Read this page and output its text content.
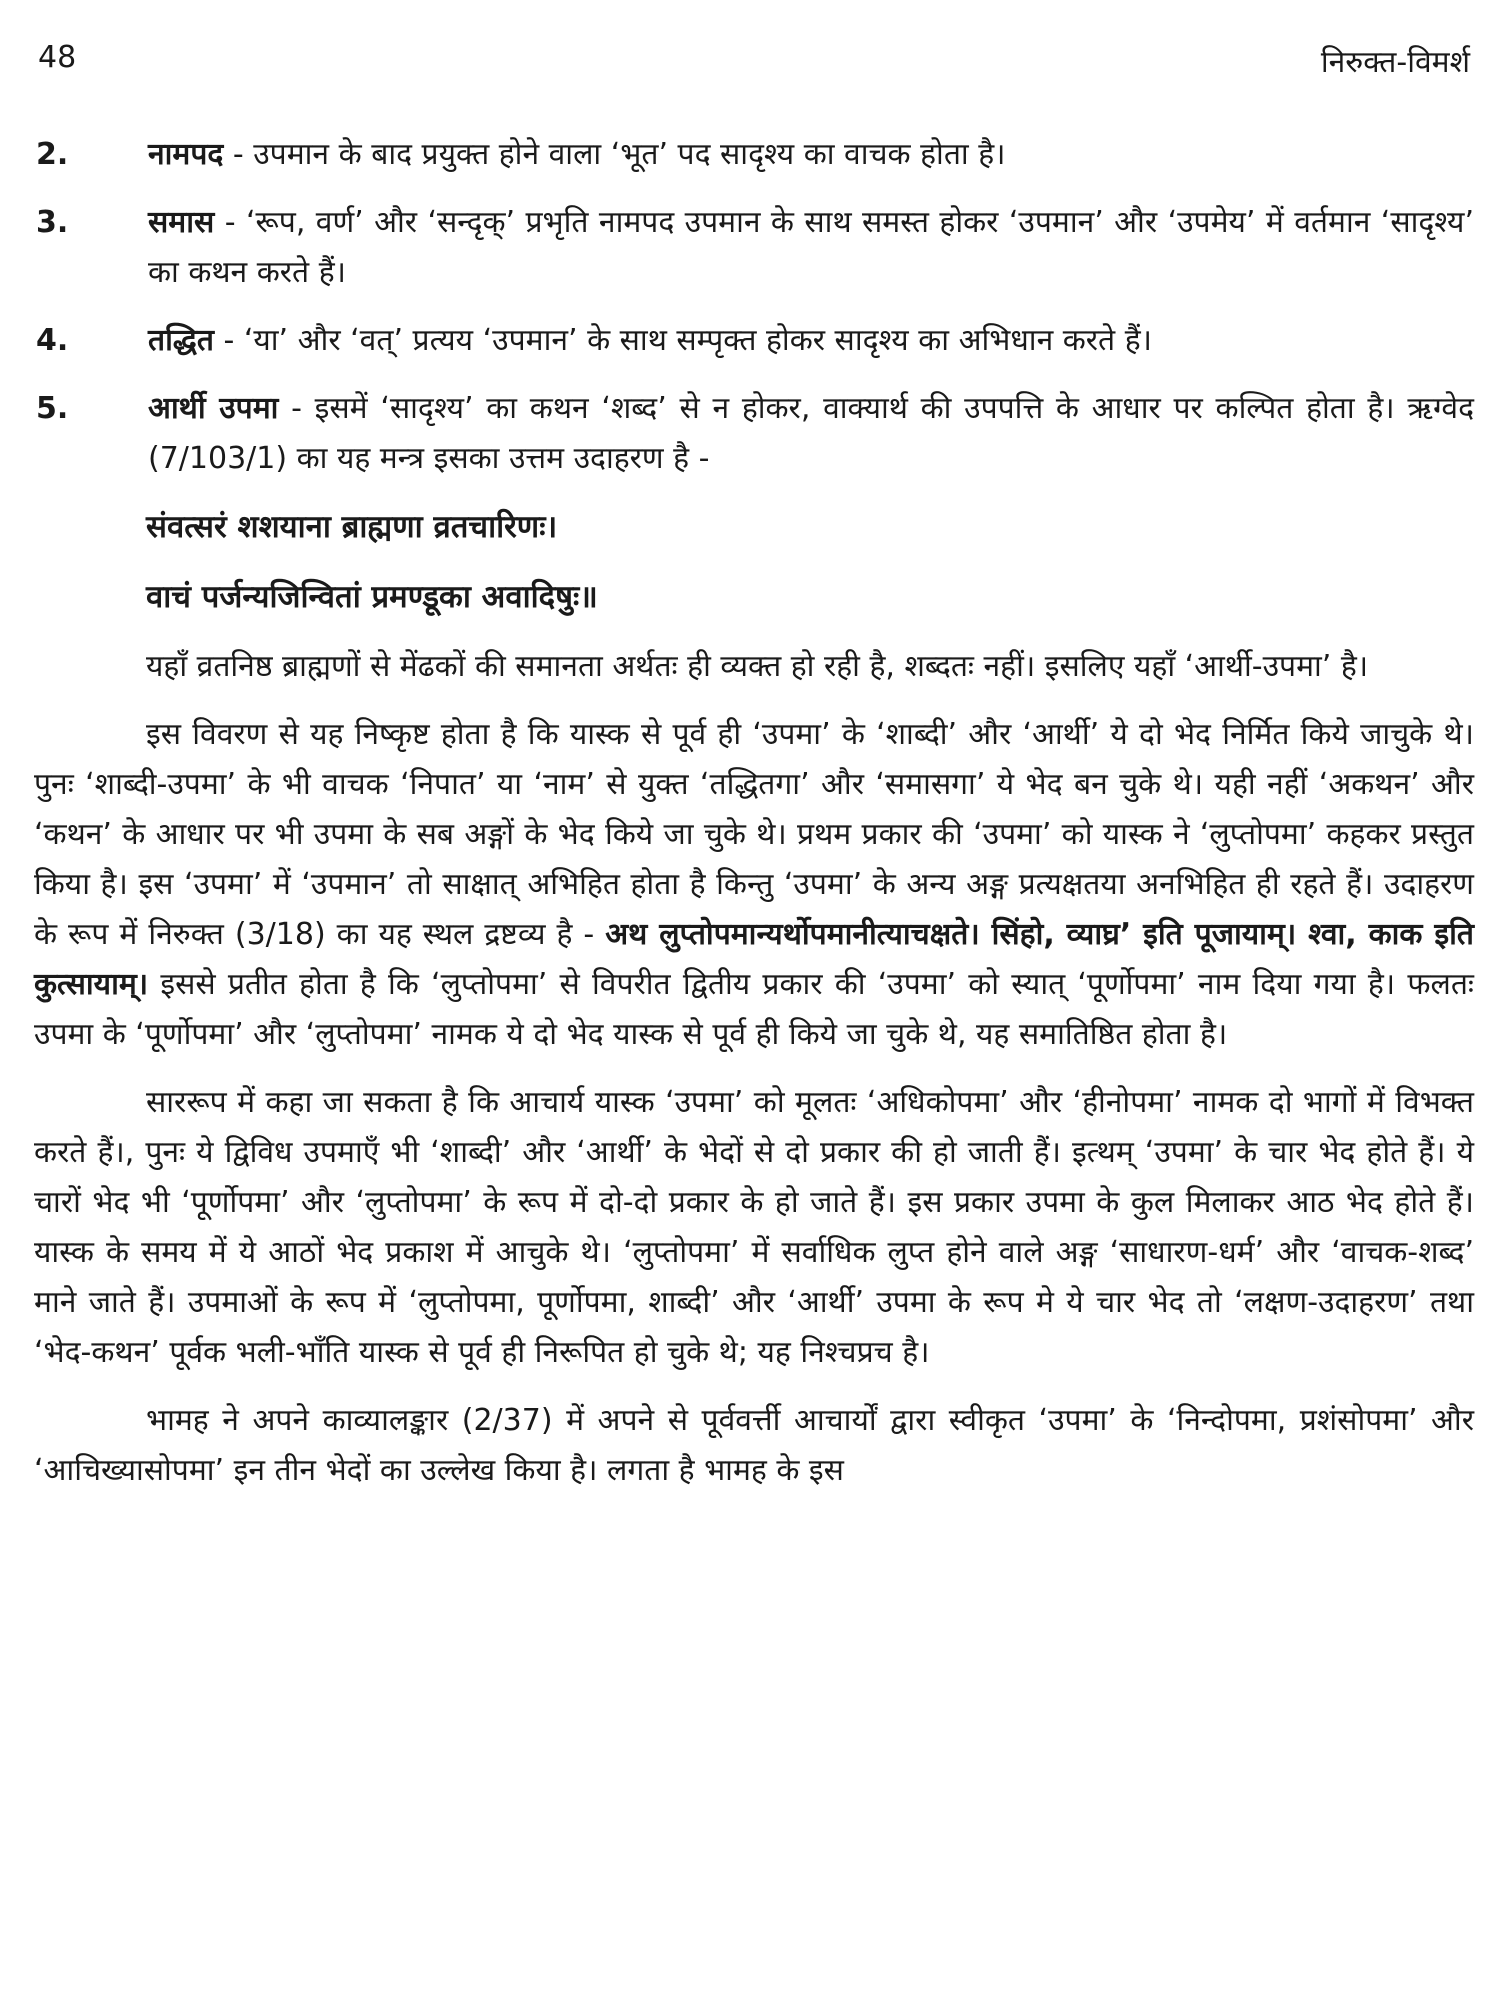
48	निरुक्त-विमर्श
2.	नामपद - उपमान के बाद प्रयुक्त होने वाला ‘भूत’ पद सादृश्य का वाचक होता है।
3.	समास - ‘रूप, वर्ण’ और ‘सन्दृक्’ प्रभृति नामपद उपमान के साथ समस्त होकर ‘उपमान’ और ‘उपमेय’ में वर्तमान ‘सादृश्य’ का कथन करते हैं।
4.	तद्धित - ‘या’ और ‘वत्’ प्रत्यय ‘उपमान’ के साथ सम्पृक्त होकर सादृश्य का अभिधान करते हैं।
5.	आर्थी उपमा - इसमें ‘सादृश्य’ का कथन ‘शब्द’ से न होकर, वाक्यार्थ की उपपत्ति के आधार पर कल्पित होता है। ऋग्वेद (7/103/1) का यह मन्त्र इसका उत्तम उदाहरण है -
संवत्सरं शशयाना ब्राह्मणा व्रतचारिणः।
वाचं पर्जन्यजिन्वितां प्रमण्डूका अवादिषुः॥

यहाँ व्रतनिष्ठ ब्राह्मणों से मेंढकों की समानता अर्थतः ही व्यक्त हो रही है, शब्दतः नहीं। इसलिए यहाँ ‘आर्थी-उपमा’ है।

इस विवरण से यह निष्कृष्ट होता है कि यास्क से पूर्व ही ‘उपमा’ के ‘शाब्दी’ और ‘आर्थी’ ये दो भेद निर्मित किये जाचुके थे। पुनः ‘शाब्दी-उपमा’ के भी वाचक ‘निपात’ या ‘नाम’ से युक्त ‘तद्धितगा’ और ‘समासगा’ ये भेद बन चुके थे। यही नहीं ‘अकथन’ और ‘कथन’ के आधार पर भी उपमा के सब अङ्गों के भेद किये जा चुके थे। प्रथम प्रकार की ‘उपमा’ को यास्क ने ‘लुप्तोपमा’ कहकर प्रस्तुत किया है। इस ‘उपमा’ में ‘उपमान’ तो साक्षात् अभिहित होता है किन्तु ‘उपमा’ के अन्य अङ्ग प्रत्यक्षतया अनभिहित ही रहते हैं। उदाहरण के रूप में निरुक्त (3/18) का यह स्थल द्रष्टव्य है - अथ लुप्तोपमान्यर्थोपमानीत्याचक्षते। सिंहो, व्याघ्र’ इति पूजायाम्। श्वा, काक इति कुत्सायाम्। इससे प्रतीत होता है कि ‘लुप्तोपमा’ से विपरीत द्वितीय प्रकार की ‘उपमा’ को स्यात् ‘पूर्णोपमा’ नाम दिया गया है। फलतः उपमा के ‘पूर्णोपमा’ और ‘लुप्तोपमा’ नामक ये दो भेद यास्क से पूर्व ही किये जा चुके थे, यह समातिष्ठित होता है।

साररूप में कहा जा सकता है कि आचार्य यास्क ‘उपमा’ को मूलतः ‘अधिकोपमा’ और ‘हीनोपमा’ नामक दो भागों में विभक्त करते हैं।, पुनः ये द्विविध उपमाएँ भी ‘शाब्दी’ और ‘आर्थी’ के भेदों से दो प्रकार की हो जाती हैं। इत्थम् ‘उपमा’ के चार भेद होते हैं। ये चारों भेद भी ‘पूर्णोपमा’ और ‘लुप्तोपमा’ के रूप में दो-दो प्रकार के हो जाते हैं। इस प्रकार उपमा के कुल मिलाकर आठ भेद होते हैं। यास्क के समय में ये आठों भेद प्रकाश में आचुके थे। ‘लुप्तोपमा’ में सर्वाधिक लुप्त होने वाले अङ्ग ‘साधारण-धर्म’ और ‘वाचक-शब्द’ माने जाते हैं। उपमाओं के रूप में ‘लुप्तोपमा, पूर्णोपमा, शाब्दी’ और ‘आर्थी’ उपमा के रूप मे ये चार भेद तो ‘लक्षण-उदाहरण’ तथा ‘भेद-कथन’ पूर्वक भली-भाँति यास्क से पूर्व ही निरूपित हो चुके थे; यह निश्चप्रच है।

भामह ने अपने काव्यालङ्कार (2/37) में अपने से पूर्ववर्त्ती आचार्यों द्वारा स्वीकृत ‘उपमा’ के ‘निन्दोपमा, प्रशंसोपमा’ और ‘आचिख्यासोपमा’ इन तीन भेदों का उल्लेख किया है। लगता है भामह के इस
